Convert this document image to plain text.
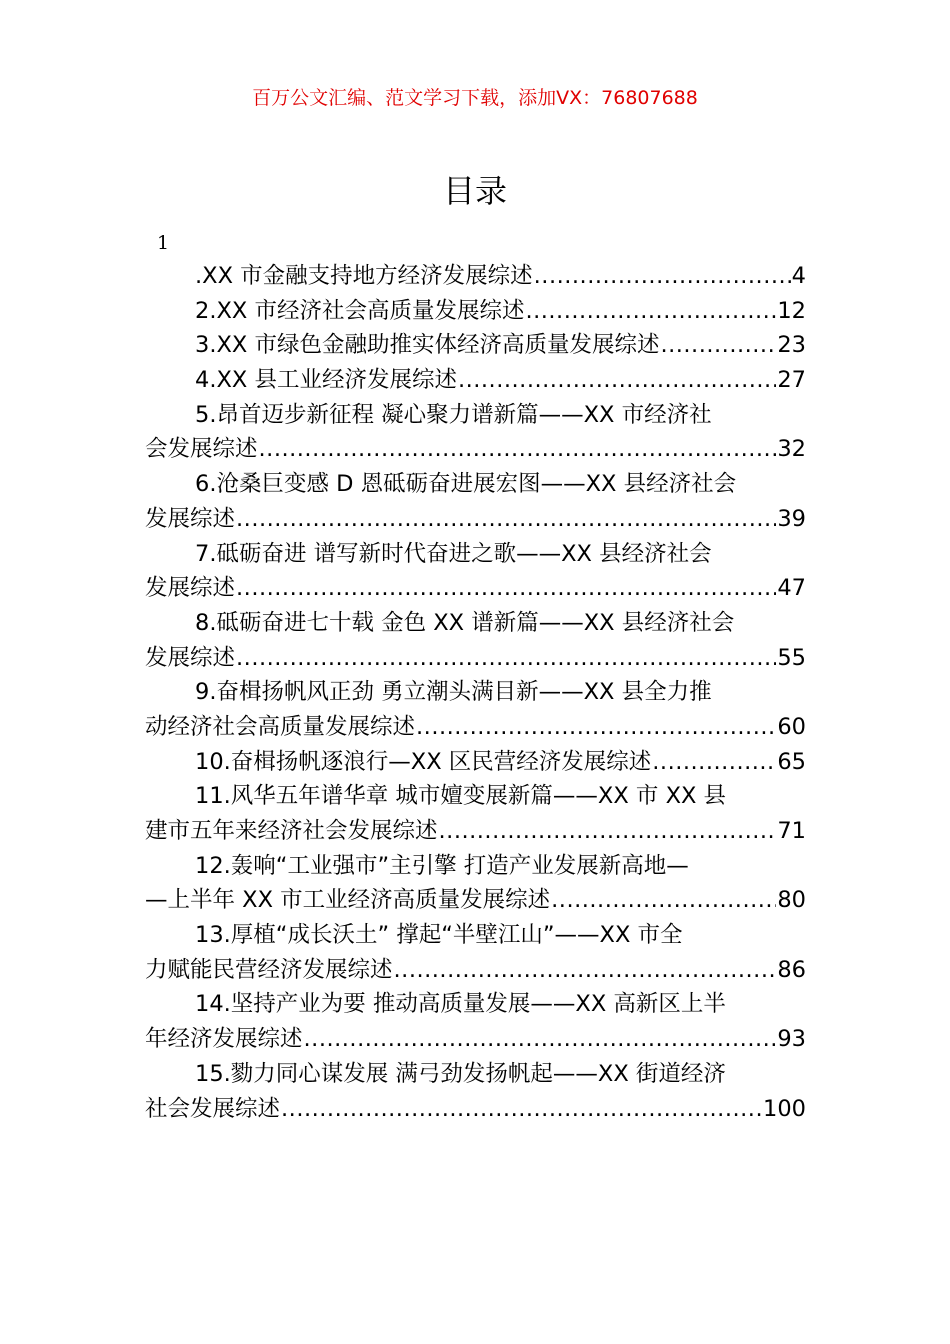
百万公文汇编、范文学习下载，添加VX：76807688
目录
1
.XX 市金融支持地方经济发展综述 .....	4
2.XX 市经济社会高质量发展综述 .....	12
3.XX 市绿色金融助推实体经济高质量发展综述 .....	23
4.XX 县工业经济发展综述 .....	27
5.昂首迈步新征程 凝心聚力谱新篇——XX 市经济社
会发展综述 .....	32
6.沧桑巨变感 D 恩砥砺奋进展宏图——XX 县经济社会
发展综述 .....	39
7.砥砺奋进 谱写新时代奋进之歌——XX 县经济社会
发展综述 .....	47
8.砥砺奋进七十载 金色 XX 谱新篇——XX 县经济社会
发展综述 .....	55
9.奋楫扬帆风正劲 勇立潮头满目新——XX 县全力推
动经济社会高质量发展综述 .....	60
10.奋楫扬帆逐浪行—XX 区民营经济发展综述 .....	65
11.风华五年谱华章 城市嬗变展新篇——XX 市 XX 县
建市五年来经济社会发展综述 .....	71
12.轰响“工业强市”主引擎 打造产业发展新高地—
—上半年 XX 市工业经济高质量发展综述 .....	80
13.厚植“成长沃土” 撑起“半壁江山”——XX 市全
力赋能民营经济发展综述 .....	86
14.坚持产业为要 推动高质量发展——XX 高新区上半
年经济发展综述 .....	93
15.勠力同心谋发展 满弓劲发扬帆起——XX 街道经济
社会发展综述 .....	100
